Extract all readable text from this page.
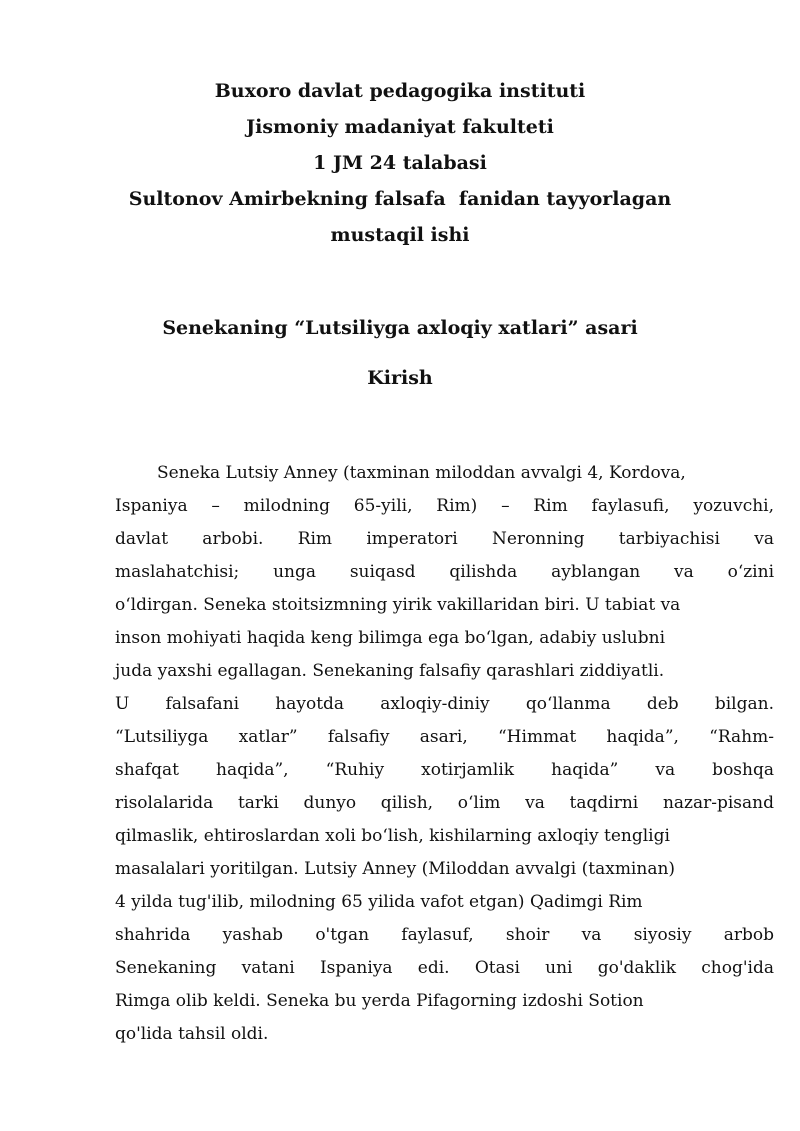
Buxoro davlat pedagogika instituti
Jismoniy madaniyat fakulteti
1 JM 24 talabasi
Sultonov Amirbekning falsafa  fanidan tayyorlagan
mustaqil ishi
Senekaning “Lutsiliyga axloqiy xatlari” asari
Kirish
Seneka Lutsiy Anney (taxminan miloddan avvalgi 4, Kordova,
Ispaniya – milodning 65-yili, Rim) – Rim faylasufi, yozuvchi,
davlat arbobi. Rim imperatori Neronning tarbiyachisi va
maslahatchisi; unga suiqasd qilishda ayblangan va o‘zini
o‘ldirgan. Seneka stoitsizmning yirik vakillaridan biri. U tabiat va
inson mohiyati haqida keng bilimga ega bo‘lgan, adabiy uslubni
juda yaxshi egallagan. Senekaning falsafiy qarashlari ziddiyatli.
U falsafani hayotda axloqiy-diniy qo‘llanma deb bilgan.
“Lutsiliyga xatlar” falsafiy asari, “Himmat haqida”, “Rahm-
shafqat haqida”, “Ruhiy xotirjamlik haqida” va boshqa
risolalarida tarki dunyo qilish, o‘lim va taqdirni nazar-pisand
qilmaslik, ehtiroslardan xoli bo‘lish, kishilarning axloqiy tengligi
masalalari yoritilgan. Lutsiy Anney (Miloddan avvalgi (taxminan)
4 yilda tug'ilib, milodning 65 yilida vafot etgan) Qadimgi Rim
shahrida yashab o'tgan faylasuf, shoir va siyosiy arbob
Senekaning vatani Ispaniya edi. Otasi uni go'daklik chog'ida
Rimga olib keldi. Seneka bu yerda Pifagorning izdoshi Sotion
qo'lida tahsil oldi.
